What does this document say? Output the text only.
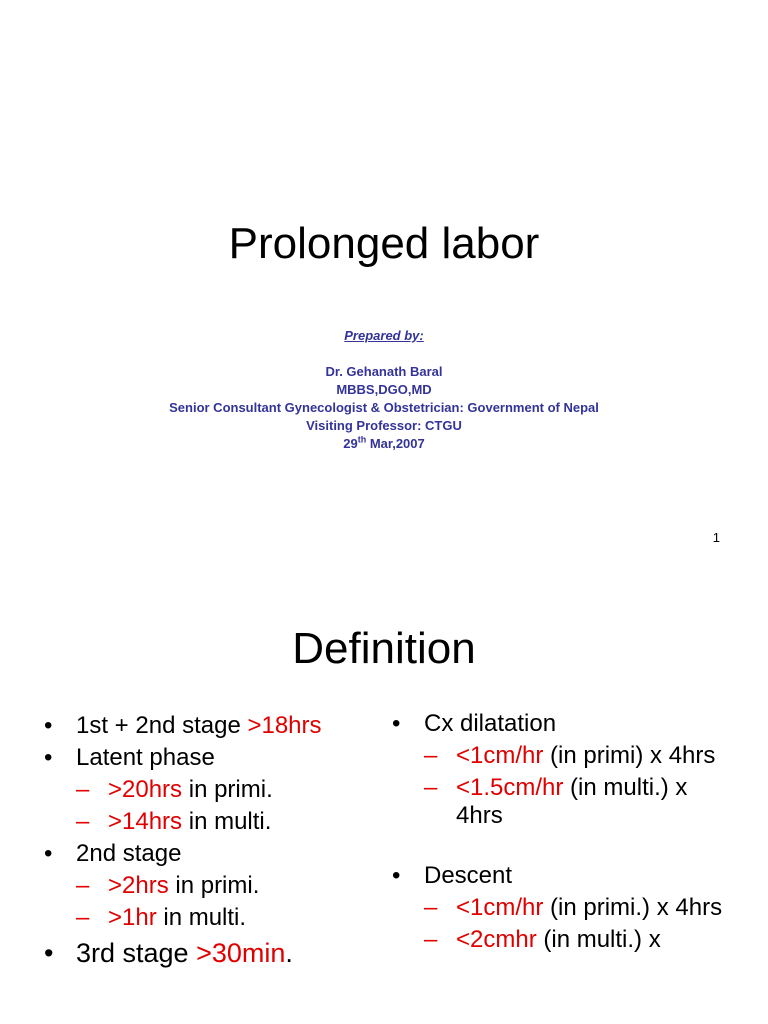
Prolonged labor
Prepared by:
Dr. Gehanath Baral
MBBS,DGO,MD
Senior Consultant Gynecologist & Obstetrician: Government of Nepal
Visiting Professor: CTGU
29th Mar,2007
1
Definition
• 1st + 2nd stage >18hrs
• Latent phase
– >20hrs in primi.
– >14hrs in multi.
• 2nd stage
– >2hrs in primi.
– >1hr in multi.
• 3rd stage >30min.
• Cx dilatation
– <1cm/hr (in primi) x 4hrs
– <1.5cm/hr (in multi.) x 4hrs
• Descent
– <1cm/hr (in primi.) x 4hrs
– <2cmhr (in multi.) x
